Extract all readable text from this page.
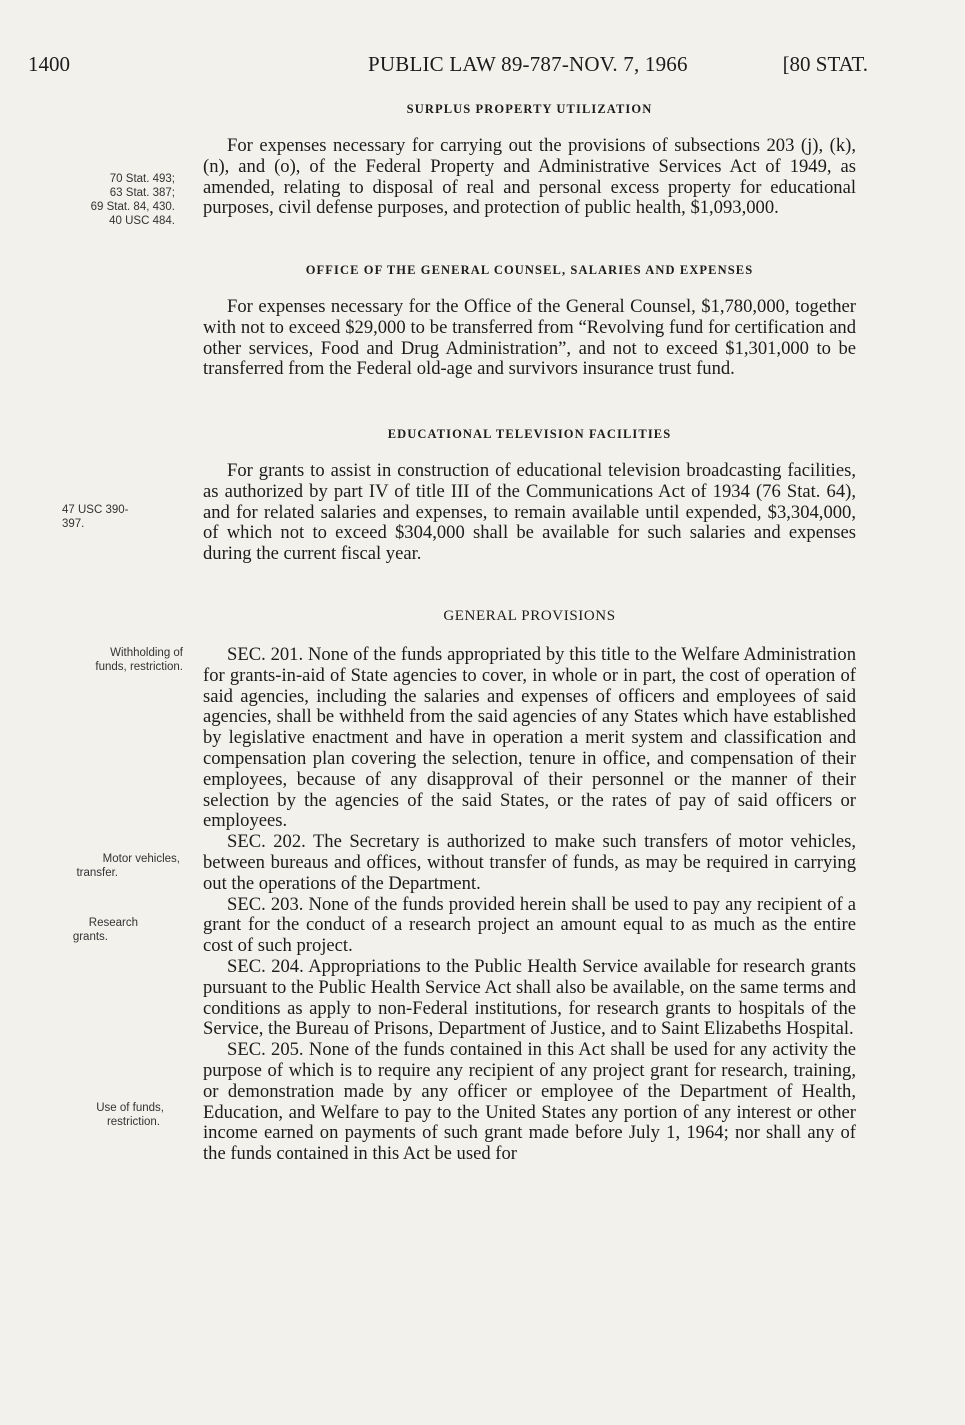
1400	PUBLIC LAW 89-787-NOV. 7, 1966	[80 STAT.
70 Stat. 493;
63 Stat. 387;
69 Stat. 84, 430.
40 USC 484.
47 USC 390-
397.
Withholding of
funds, restriction.
Motor vehicles,
transfer.
Research
grants.
Use of funds,
restriction.

SURPLUS PROPERTY UTILIZATION

For expenses necessary for carrying out the provisions of subsections 203 (j), (k), (n), and (o), of the Federal Property and Administrative Services Act of 1949, as amended, relating to disposal of real and personal excess property for educational purposes, civil defense purposes, and protection of public health, $1,093,000.

OFFICE OF THE GENERAL COUNSEL, SALARIES AND EXPENSES

For expenses necessary for the Office of the General Counsel, $1,780,000, together with not to exceed $29,000 to be transferred from “Revolving fund for certification and other services, Food and Drug Administration”, and not to exceed $1,301,000 to be transferred from the Federal old-age and survivors insurance trust fund.

EDUCATIONAL TELEVISION FACILITIES

For grants to assist in construction of educational television broadcasting facilities, as authorized by part IV of title III of the Communications Act of 1934 (76 Stat. 64), and for related salaries and expenses, to remain available until expended, $3,304,000, of which not to exceed $304,000 shall be available for such salaries and expenses during the current fiscal year.

GENERAL PROVISIONS

SEC. 201. None of the funds appropriated by this title to the Welfare Administration for grants-in-aid of State agencies to cover, in whole or in part, the cost of operation of said agencies, including the salaries and expenses of officers and employees of said agencies, shall be withheld from the said agencies of any States which have established by legislative enactment and have in operation a merit system and classification and compensation plan covering the selection, tenure in office, and compensation of their employees, because of any disapproval of their personnel or the manner of their selection by the agencies of the said States, or the rates of pay of said officers or employees.

SEC. 202. The Secretary is authorized to make such transfers of motor vehicles, between bureaus and offices, without transfer of funds, as may be required in carrying out the operations of the Department.

SEC. 203. None of the funds provided herein shall be used to pay any recipient of a grant for the conduct of a research project an amount equal to as much as the entire cost of such project.

SEC. 204. Appropriations to the Public Health Service available for research grants pursuant to the Public Health Service Act shall also be available, on the same terms and conditions as apply to non-Federal institutions, for research grants to hospitals of the Service, the Bureau of Prisons, Department of Justice, and to Saint Elizabeths Hospital.

SEC. 205. None of the funds contained in this Act shall be used for any activity the purpose of which is to require any recipient of any project grant for research, training, or demonstration made by any officer or employee of the Department of Health, Education, and Welfare to pay to the United States any portion of any interest or other income earned on payments of such grant made before July 1, 1964; nor shall any of the funds contained in this Act be used for
